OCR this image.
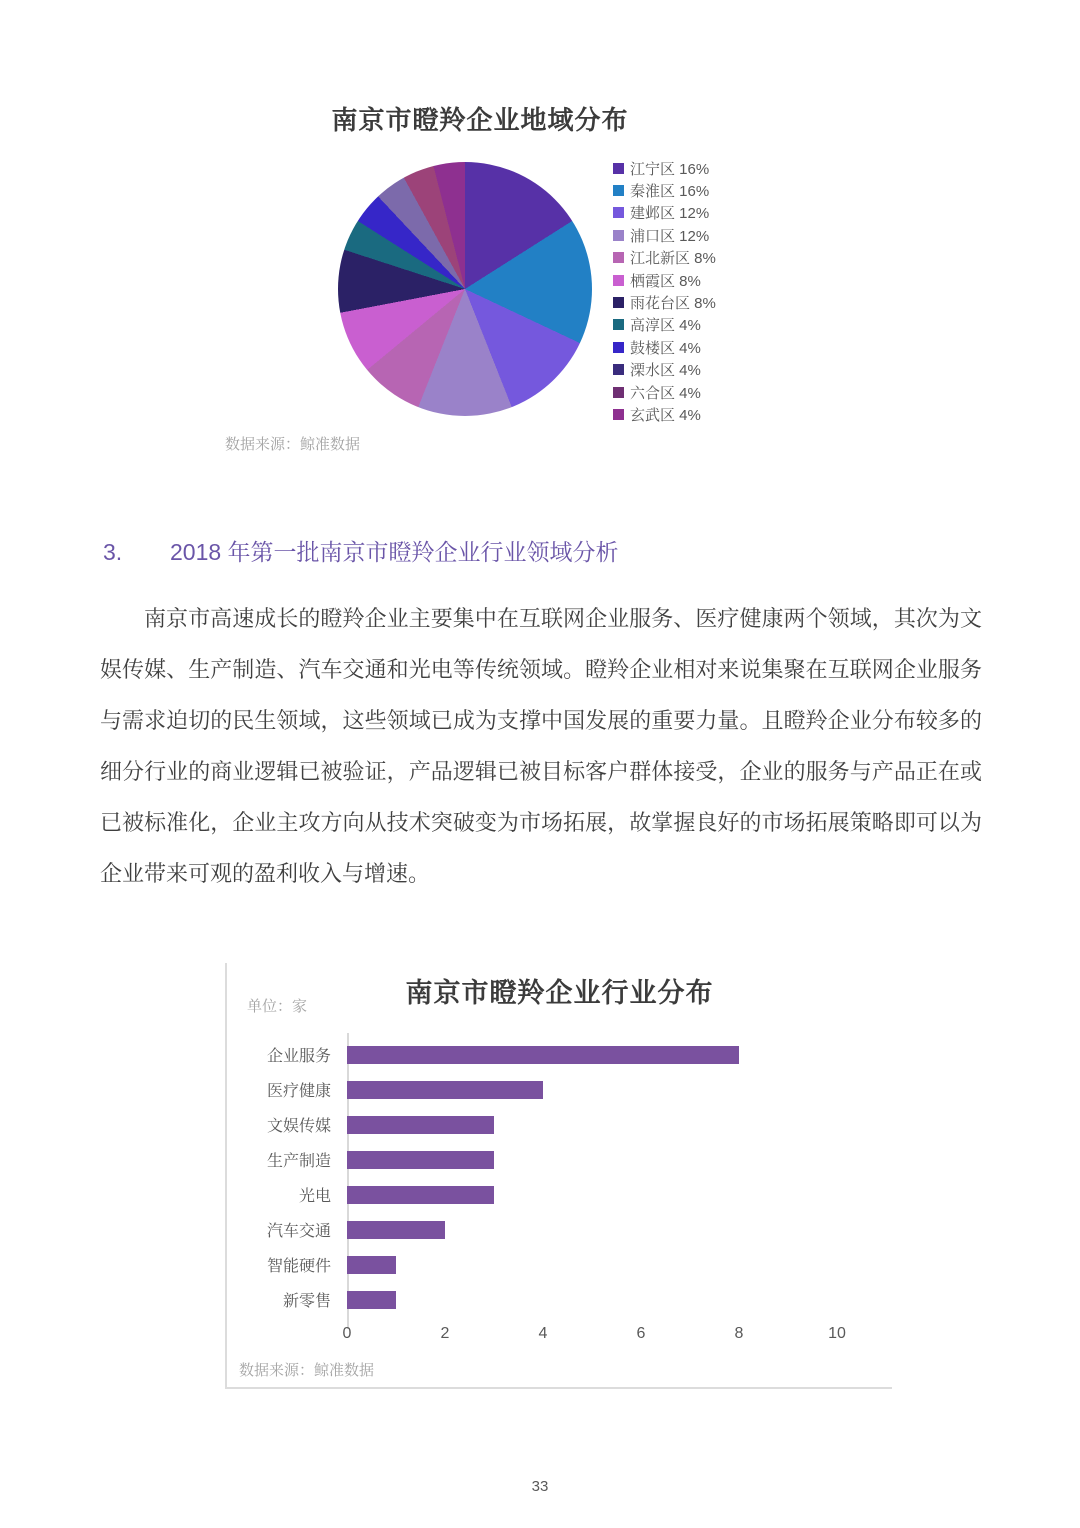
南京市瞪羚企业地域分布
江宁区 16%
秦淮区 16%
建邺区 12%
浦口区 12%
江北新区 8%
栖霞区 8%
雨花台区 8%
高淳区 4%
鼓楼区 4%
溧水区 4%
六合区 4%
玄武区 4%
数据来源：鲸准数据
3.	2018 年第一批南京市瞪羚企业行业领域分析

南京市高速成长的瞪羚企业主要集中在互联网企业服务、医疗健康两个领域，其次为文娱传媒、生产制造、汽车交通和光电等传统领域。瞪羚企业相对来说集聚在互联网企业服务与需求迫切的民生领域，这些领域已成为支撑中国发展的重要力量。且瞪羚企业分布较多的细分行业的商业逻辑已被验证，产品逻辑已被目标客户群体接受，企业的服务与产品正在或已被标准化，企业主攻方向从技术突破变为市场拓展，故掌握良好的市场拓展策略即可以为企业带来可观的盈利收入与增速。

南京市瞪羚企业行业分布
单位：家
企业服务
医疗健康
文娱传媒
生产制造
光电
汽车交通
智能硬件
新零售
0	2	4	6	8	10
数据来源：鲸准数据
33
